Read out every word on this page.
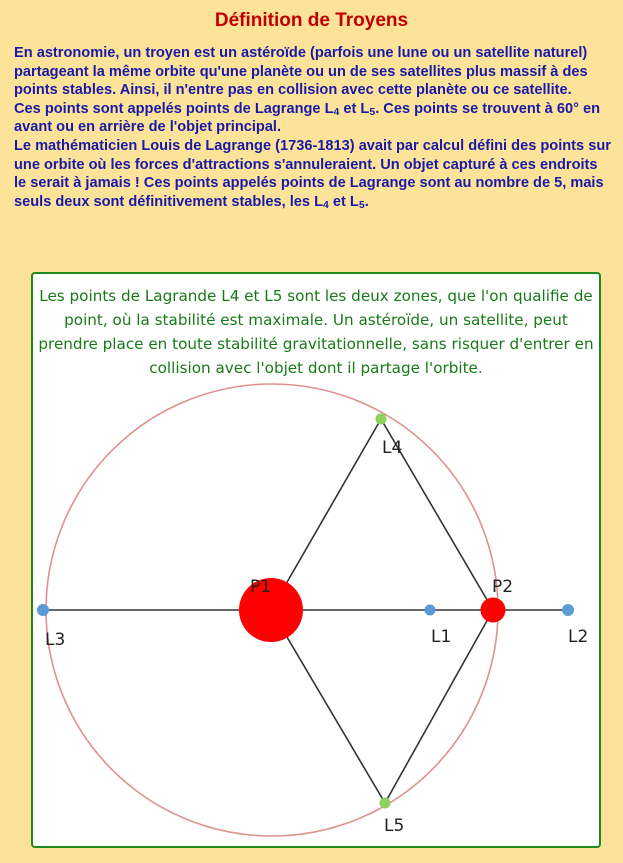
Définition de Troyens

En astronomie, un troyen est un astéroïde (parfois une lune ou un satellite naturel) partageant la même orbite qu'une planète ou un de ses satellites plus massif à des points stables. Ainsi, il n'entre pas en collision avec cette planète ou ce satellite.

Ces points sont appelés points de Lagrange L4 et L5. Ces points se trouvent à 60° en avant ou en arrière de l'objet principal.

Le mathématicien Louis de Lagrange (1736-1813) avait par calcul défini des points sur une orbite où les forces d'attractions s'annuleraient. Un objet capturé à ces endroits le serait à jamais ! Ces points appelés points de Lagrange sont au nombre de 5, mais seuls deux sont définitivement stables, les L4 et L5.

P1	P2
L1	L2
L3
L4
L5
Les points de Lagrande L4 et L5 sont les deux zones, que l'on qualifie de point, où la stabilité est maximale. Un astéroïde, un satellite, peut prendre place en toute stabilité gravitationnelle, sans risquer d'entrer en collision avec l'objet dont il partage l'orbite.
